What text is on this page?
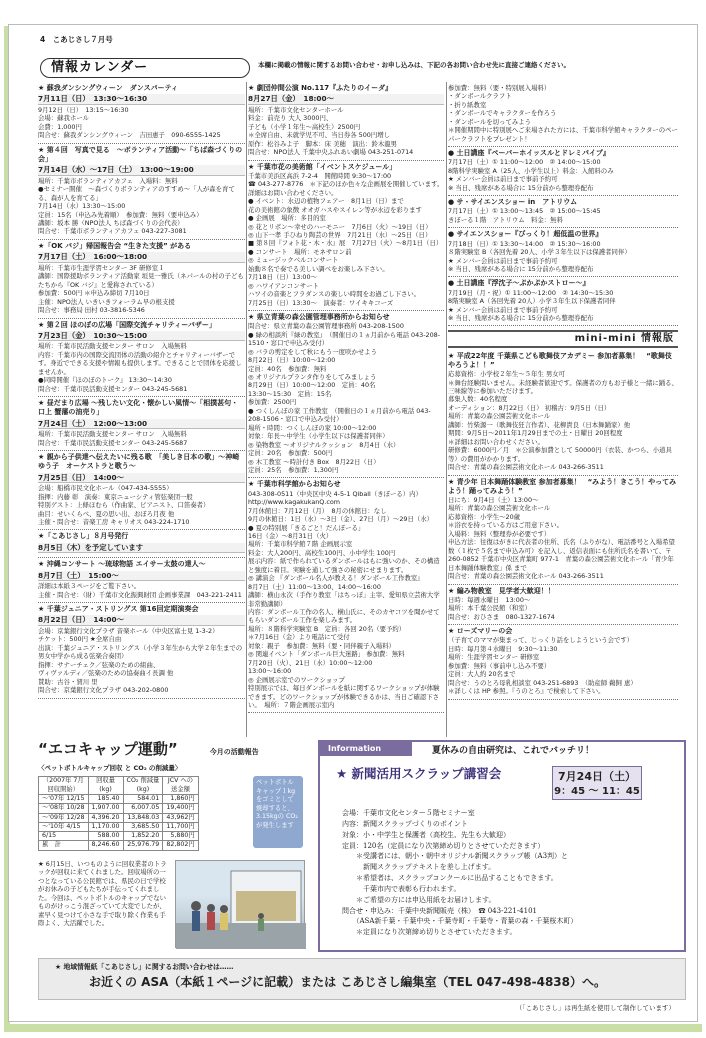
4　こあじさし７月号
情報カレンダー	本欄に掲載の情報に関するお問い合わせ・お申し込みは、下記の各お問い合わせ先に直接ご連絡ください。
★ 蘇我ダンシングウィーン　ダンスパーティ
7月11日（日）　13:30～16:30
9月12日（日）　13:15～16:30
会場：蘇我ホール
会費：1,000円
問合せ：蘇我ダンシングウィーン　吉田惠子　090-6555-1425
★ 第４回　写真で見る　～ボランティア活動～「ちば森づくりの会」
7月14日（水）～17日（土）　13:00～19:00
場所：千葉市ボランティアカフェ　入場料：無料
●セミナー開催　～森づくりボランティアのすすめ～「人が森を育てる、森が人を育てる」
7月14日（水）13:30～15:00
定員：15名（申込み先着順）　参加費：無料（要申込み）
講師：坂本 勝（NPO法人 ちば森づくりの会代表）
問合せ：千葉市ボランティアカフェ 043-227-3081
★「OK バジ」帰国報告会 “生きた支援” がある
7月17日（土）　16:00～18:00
場所：千葉市生涯学習センター 3F 研修室１
講師：国際援助ボランティア活動家 垣見一雅氏（ネパールの村の子どもたちから『OK バジ』と愛称されている）
参加費：500円 ＊申込み締切 7月10日
主催：NPO法人 いきいきフォーラム早の根支援
問合せ：事務局 田村 03-3816-5346
★ 第２回 ほのぼの広場「国際交流チャリティーバザー」
7月23日（金）　10:30～15:00
場所：千葉市民活動支援センター サロン　入場無料
内容：千葉市内の国際交流団体の活動の紹介とチャリティーバザーです。身近でできる支援や情報も提供します。できることで団体を応援しませんか。
●同時開催『ほのぼのトーク』 13:30～14:30
問合せ：千葉市民活動支援センター 043-245-5681
★ 昼だまり広場 ～残したい文化・懐かしい風情～「相撲甚句・口上 蟹藩の油売り」
7月24日（土）　12:00～13:00
場所：千葉市民活動支援センター サロン　入場無料
問合せ：千葉市民活動支援センター 043-245-5687
★ 親から子供達へ伝えたいに残る歌　「美しき日本の歌」～神崎ゆう子　オーケストラと歌う～
7月25日（日）　14:00～
会場：船橋市民文化ホール（047-434-5555）
指揮：内藤 彰　演奏：東京ニューシティ管弦楽団一般
特別ゲスト：上條ほむら（作曲家、ピアニスト、口笛奏者）
曲目：せいくらべ、夏の思い出、おぼろ月夜 他
主催・問合せ：音楽工房 キャリオス 043-224-1710
★「こあじさし」８月号発行
8月5日（木）を予定しています
★ 沖縄コンサート ～琉球物語 エイサー太鼓の達人～
8月7日（土）　15:00～
詳細は本紙３ページをご覧下さい。
主催・問合せ：（財）千葉市文化振興財団 企画事業課　043-221-2411
★ 千葉ジュニア・ストリングス 第16回定期演奏会
8月22日（日）　14:00～
会場：京葉銀行文化プラザ 音楽ホール（中央区富士見 1-3-2）
チケット：500円 ★全席自由
出演：千葉ジュニア・ストリングス（小学３年生から大学２年生までの男女中学から成る弦楽合奏団）
指揮：サナーチェク／弦楽のための組曲、
ヴィヴァルディ／弦楽のための協奏曲イ長調 他
賛助：古谷・賀川 里
問合せ：京葉銀行文化プラザ 043-202-0800
★ 劇団仲間公演 No.117『ふたりのイーダ』
8月27日（金）　18:00～
場所：千葉市文化センターホール
料金：前売り 大人 3000円、
子ども（小学１年生～高校生）2500円
＊全席自由、未就学児不可、当日券各 500円増し
原作：松谷みよ子　脚本：床 美穂　演出：鈴木龍男
問合せ：NPO法人 千葉中央ふれあい劇場 043-251-0714
★ 千葉市花の美術館「イベントスケジュール」
千葉市美浜区高浜 7-2-4　開館時間 9:30～17:00
☎ 043-277-8776　＊下記のほか色々な企画展を開催しています。
詳細はお問い合わせください。
● イベント：水辺の植物フェアー　8月1日（日）まで
花の美術館の象徴 オオガハスやスイレン等が水辺を彩ります
● 企画展　場所：多目的室
◎ 花とリボン～幸せのハーモニー　7月6日（火）～19日（日）
◎ 山下一孝 手ひねり陶芸の世界　7月21日（水）～25日（日）
■ 第８回『フォト花・木・水』展　7月27日（火）～8月1日（日）
● コンサート　場所：モネサロン前
◎ ミュージックベルコンサート
始動８名で奏でる美しい調べをお楽しみ下さい。
7月18日（日）13:00～
◎ ハワイアンコンサート
ハワイの音楽とフラダンスの楽しい時間をお過ごし下さい。
7月25日（日）13:30～　演奏者：ワイキキコーズ
★ 県立青葉の森公園管理事務所からお知らせ
問合せ：県立青葉の森公園管理事務所 043-208-1500
● 緑の相談所『緑の教室』　（開催日の１ヵ月前から電話 043-208-1510・窓口で申込み受付）
◎ バラの剪定をして秋にもう一度咲かせよう
8月22日（日）10:00～12:00
定員：40名　参加費：無料
◎ オリジナルプランタ作りをしてみましょう
8月29日（日）10:00～12:00　定員：40名
13:30～15:30　定員：15名
参加費：2500円
● つくしんぼの家 工作教室　（開催日の１ヵ月前から電話 043-208-1506・窓口で申込み受付）
場所・時間：つくしんぼの家 10:00～12:00
対象：年長～中学生（小学生以下は保護者同伴）
◎ 染物教室 ～オリジナルクッション　8月4日（水）
定員：20名　参加費：500円
◎ 木工教室 ～時計付き Box　8月22日（日）
定員：25名　参加費：1,300円
★ 千葉市科学館からお知らせ
043-308-0511（中央区中央 4-5-1 Qiball（きぼーる）内）
http://www.kagakukanQ.com
7月休館日：7月12日（月）　8月の休館日：なし
9月の休館日：1日（水）～3日（金）、27日（月）～29日（水）
● 夏の特別展「きるごと！だんぼーる」
16日（金）～8月31日（火）
場所：千葉市科学館７階 企画展示室
料金：大人200円、高校生100円、小中学生 100円
展示内容：紙で作られているダンボールはもに強いのか、その構造と強度に着目。実験を通して強さの秘密にせまります。
◎ 講演会 『ダンボール名人が教える！ダンボール工作教室』
8月7日（土）11:00～13:00、14:00～16:00
講師：横山永次（手作り教室「はちっぽ」主宰、愛知県立芸術大学非常勤講師）
内容：ダンボール工作の名人、横山氏に、そのカヤコツを聞かせてもらいダンボール工作を楽しみます。
場所：８階科学実験室 B　定員：各回 20名（要予約）
＊7月16日（金）より電話にて受付
対象：親子　参加費：無料（要・同伴親子入場料）
◎ 関連イベント「ダンボール巨大迷路」 参加費：無料
7月20日（火）、21日（水）10:00～12:00
13:00～16:00
◎ 企画展示室でのワークショップ
特別展示では、毎日ダンボールを紙に関するワークショップが体験できます。どのワークショップが体験できるかは、当日ご確認下さい。　場所：７階企画展示室内
参加費：無料（要・特別展入場料）
・ダンボールクラフト
・折り紙教室
・ダンボールでキャラクターを作ろう
・ダンボールを切ってみよう
＊開催期間中に特別展へご来場された方には、千葉市科学館キャラクターのペーパークラフトをプレゼント！
● 土日講座『ペーパーホイッスルとドレミパイプ』
7月17日（土）① 11:00～12:00　② 14:00～15:00
8階科学実験室 A（25人、小学生以上）料金：入館料のみ
★ メンバー会員は前日まで事前予約可
※ 当日、残席がある場合に 15分前から整理券配布
● サ・サイエンスショー in　アトリウム
7月17日（土）① 13:00～13:45　② 15:00～15:45
きぼーる１階　アトリウム　料金：無料
● サイエンスショー『びっくり！超低温の世界』
7月18日（日）① 13:30～14:00　② 15:30～16:00
８階実験室 B（各回先着 20人、小学３年生以下は保護者同伴）
★ メンバー会員は前日まで事前予約可
※ 当日、残席がある場合に 15分前から整理券配布
● 土日講座『浮沈子～ぷかぷかストロー～』
7月19日（月・祝）① 11:00～12:00　② 14:30～15:30
8階実験室 A（各回先着 20人）小学３年生以下保護者同伴
★ メンバー会員は前日まで事前予約可
※ 当日、残席がある場合に 15分前から整理券配布
mini-mini 情報版
★ 平成22年度 千葉県こども歌舞伎アカデミー 参加者募集！　“歌舞伎やろうよ！！”
応募資格：小学校２年生～５年生 男女可
＊舞台経験問いません。未経験者歓迎です。保護者の方もお子様と一緒に踊る、三味線等に参加いただけます。
募集人数：40名程度
オーディション：8月22日（日） 初稽古：9月5日（日）
場所：青葉の森公園芸術文化ホール
講師：竹柴源一（歌舞伎狂言作者）、花柳貴良（日本舞踊家）他
期間：9月5日～2011年1月29日までの土・日曜日 20回程度
＊詳細はお問い合わせください。
研修費：6000円／月　＊公演参加費として 50000円（衣装、かつら、小道具等）の費用がかかります。
問合せ：青葉の森公園芸術文化ホール 043-266-3511
★ 青少年 日本舞踊体験教室 参加者募集！　“みよう！きこう！やってみよう！踊ってみよう！”
日にち：9月4日（土）13:00～
場所：青葉の森公園芸術文化ホール
応募資格：小学生～20歳
＊浴衣を持っている方はご用意下さい。
入場料：無料（整理券が必要です）
申込方法：往復はがきに代表者の住所、氏名（ふりがな）、電話番号と入場希望数（１枚で５名まで申込み可）を記入し、返信表面にも住所氏名を書いて、〒260-0852 千葉市中央区青葉町 977-1　青葉の森公園芸術文化ホール「青少年日本舞踊体験教室」係 まで
問合せ：青葉の森公園芸術文化ホール 043-266-3511
★ 編み物教室　見学者大歓迎！！
日時：毎週水曜日　13:00～
場所：本千葉公民館（和室）
問合せ：おひさま　080-1327-1674
★ ローズマリーの会
（子育てのママが集まって、じっくり話をしようという会です）
日時：毎月第４水曜日　9:30～11:30
場所：生涯学習センター 研修室
参加費：無料（事前申し込み不要）
定員：大人約 20名まで
問合せ：うのとろ母乳相談室 043-251-6893　（助産師 鵜飼 恵）
＊詳しくは HP 参照。『うのとろ』で検索して下さい。
“エコキャップ運動”	今月の活動報告
〈ペットボトルキャップ回収 と CO₂ の削減量〉
（2007年 7月
回収開始）	回収量
(kg)	CO₂ 削減量
(kg)	JCV への
送金額
～'07年 12/15	185.40	584.01	1,860円
～'08年 10/28	1,907.00	6,007.05	19,400円
～'09年 12/28	4,396.20	13,848.03	43,962円
～'10年 4/15	1,170.00	3,685.50	11,700円
6/15	588.00	1,852.20	5,880円
累　計	8,246.60	25,976.79	82,802円
ペットボトルキャップ１kgをゴミとして焼却すると、3.15kgの CO₂ が発生します
★ 6月15日、いつものように回収業者のトラックが回収に来てくれました。回収場所の一つとなっている公民館では、県民の日で学校がお休みの子どもたちが手伝ってくれました。今回は、ペットボトルのキャップでないものがけっこう混ざっていて大変でしたが、素早く見つけて小さな手で取り除く作業も手際よく、大活躍でした。
Information	夏休みの自由研究は、これでバッチリ！
★ 新聞活用スクラップ講習会	7月24日（土）
9：45 ～ 11：45
会場：千葉市文化センター５階セミナー室
内容：新聞スクラップづくりのポイント
対象：小・中学生と保護者（高校生、先生も大歓迎）
定員：120名（定員になり次第締め切りとさせていただきます）
　　＊受講者には、朝小・朝中オリジナル新聞スクラップ帳（A3判）と
　　　新聞スクラップテキストを差し上げます。
　　＊希望者は、スクラップコンクールに出品することもできます。
　　　千葉市内で表彰も行われます。
　　＊ご希望の方には申込用紙をお届けします。
問合せ・申込み：千葉中央新聞販売（株）　☎ 043-221-4101
　　（ASA新千葉・千葉中央・千葉寺町・千葉寺・青葉の森・千葉桜木町）
　　＊定員になり次第締め切りとさせていただきます。
★ 地域情報紙「こあじさし」に関するお問い合わせは……
お近くの ASA（本紙１ページに記載）または こあじさし編集室（TEL 047-498-4838）へ。
（「こあじさし」は再生紙を使用して制作しています）
